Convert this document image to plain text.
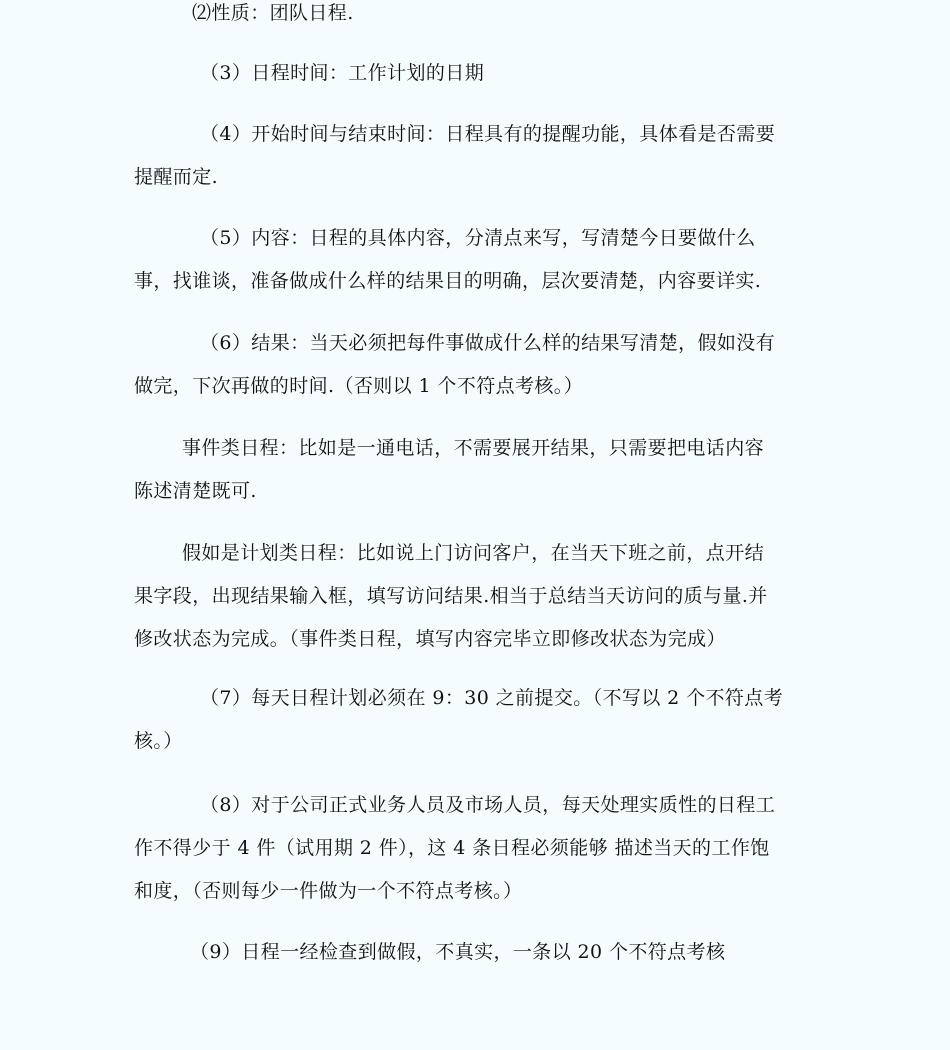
⑵性质：团队日程.
（3）日程时间：工作计划的日期
（4）开始时间与结束时间：日程具有的提醒功能，具体看是否需要
提醒而定.
（5）内容：日程的具体内容，分清点来写，写清楚今日要做什么
事，找谁谈，准备做成什么样的结果目的明确，层次要清楚，内容要详实.
（6）结果：当天必须把每件事做成什么样的结果写清楚，假如没有
做完，下次再做的时间.（否则以 1 个不符点考核。）
事件类日程：比如是一通电话，不需要展开结果，只需要把电话内容
陈述清楚既可.
假如是计划类日程：比如说上门访问客户，在当天下班之前，点开结
果字段，出现结果输入框，填写访问结果.相当于总结当天访问的质与量.并
修改状态为完成。（事件类日程，填写内容完毕立即修改状态为完成）
（7）每天日程计划必须在 9：30 之前提交。（不写以 2 个不符点考
核。）
（8）对于公司正式业务人员及市场人员，每天处理实质性的日程工
作不得少于 4 件（试用期 2 件），这 4 条日程必须能够 描述当天的工作饱
和度，（否则每少一件做为一个不符点考核。）
（9）日程一经检查到做假，不真实，一条以 20 个不符点考核
